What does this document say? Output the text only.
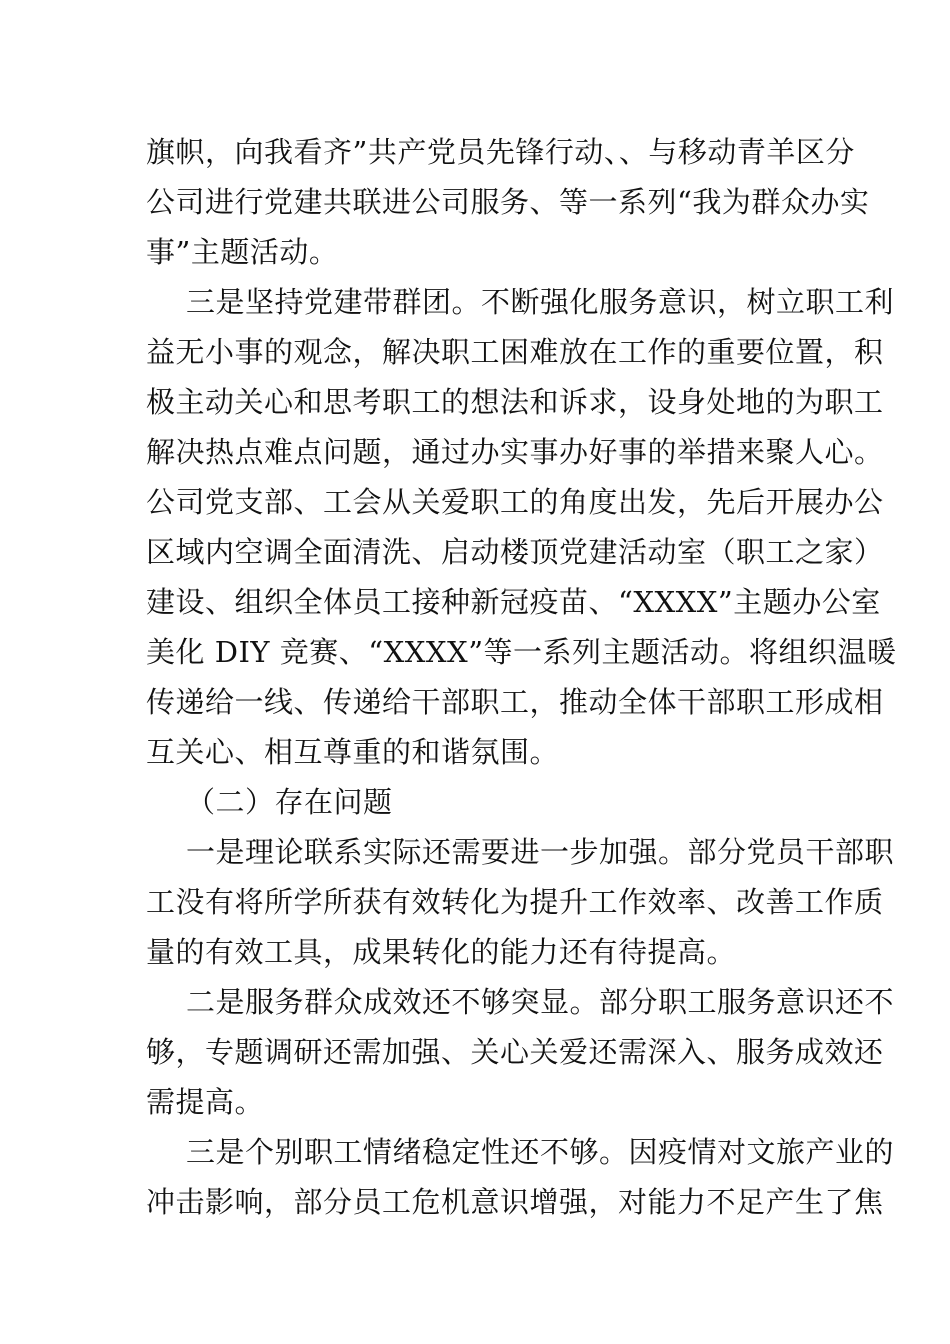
旗帜，向我看齐”共产党员先锋行动、、与移动青羊区分
公司进行党建共联进公司服务、等一系列“我为群众办实
事”主题活动。
三是坚持党建带群团。不断强化服务意识，树立职工利
益无小事的观念，解决职工困难放在工作的重要位置，积
极主动关心和思考职工的想法和诉求，设身处地的为职工
解决热点难点问题，通过办实事办好事的举措来聚人心。
公司党支部、工会从关爱职工的角度出发，先后开展办公
区域内空调全面清洗、启动楼顶党建活动室（职工之家）
建设、组织全体员工接种新冠疫苗、“XXXX”主题办公室
美化 DIY 竞赛、“XXXX”等一系列主题活动。将组织温暖
传递给一线、传递给干部职工，推动全体干部职工形成相
互关心、相互尊重的和谐氛围。
（二）存在问题
一是理论联系实际还需要进一步加强。部分党员干部职
工没有将所学所获有效转化为提升工作效率、改善工作质
量的有效工具，成果转化的能力还有待提高。
二是服务群众成效还不够突显。部分职工服务意识还不
够，专题调研还需加强、关心关爱还需深入、服务成效还
需提高。
三是个别职工情绪稳定性还不够。因疫情对文旅产业的
冲击影响，部分员工危机意识增强，对能力不足产生了焦
